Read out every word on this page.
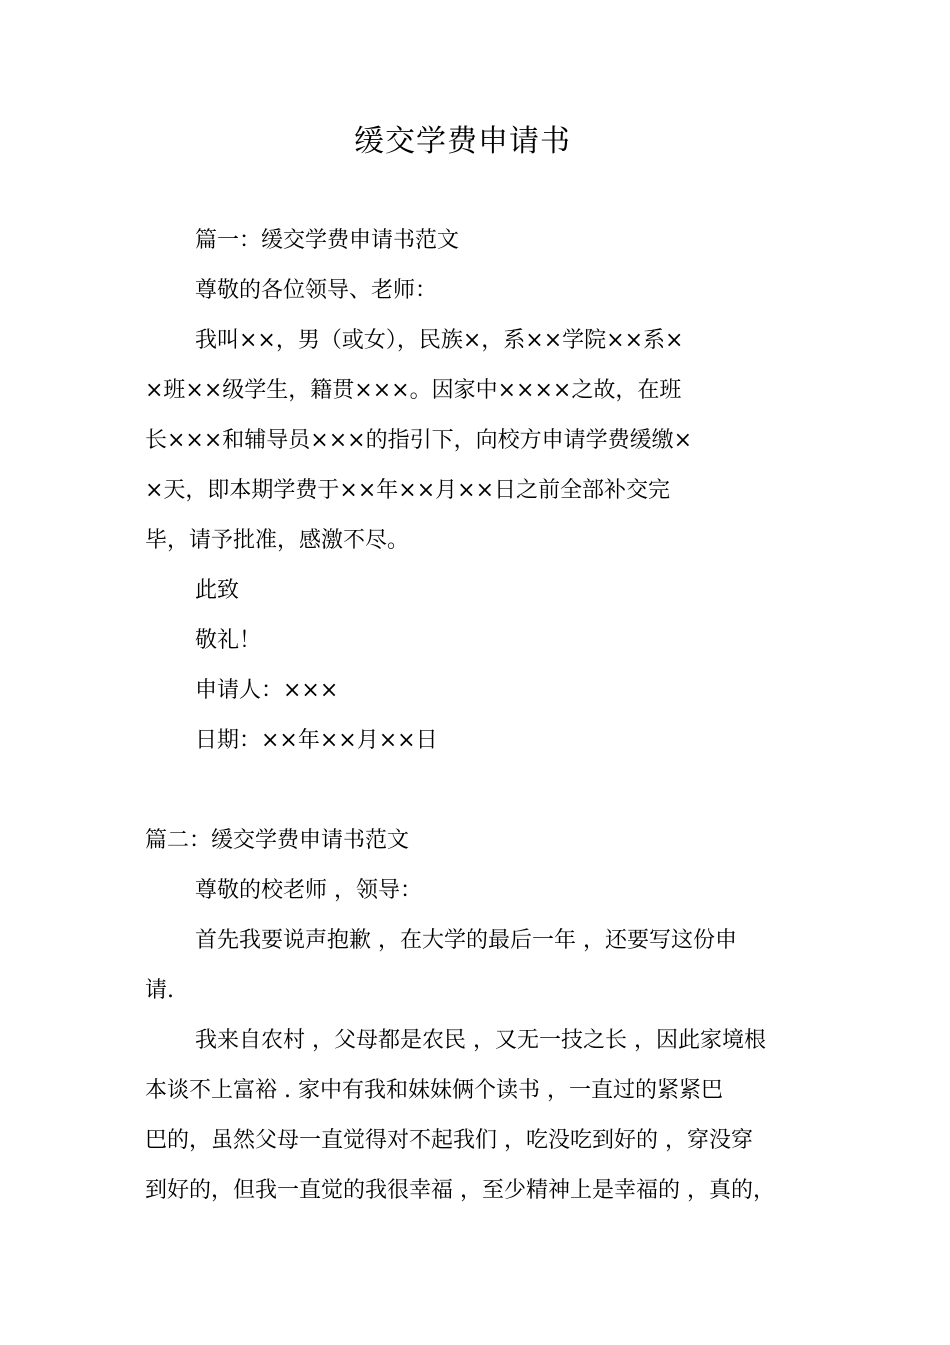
缓交学费申请书
篇一：缓交学费申请书范文
尊敬的各位领导、老师：
我叫××，男（或女），民族×，系××学院××系×
×班××级学生，籍贯×××。因家中××××之故，在班
长×××和辅导员×××的指引下，向校方申请学费缓缴×
×天，即本期学费于××年××月××日之前全部补交完
毕，请予批准，感激不尽。
此致
敬礼！
申请人：×××
日期：××年××月××日
篇二：缓交学费申请书范文
尊敬的校老师 ，领导：
首先我要说声抱歉 ，在大学的最后一年 ，还要写这份申
请.
我来自农村 ，父母都是农民 ，又无一技之长 ，因此家境根
本谈不上富裕 . 家中有我和妹妹俩个读书 ，一直过的紧紧巴
巴的，虽然父母一直觉得对不起我们 ，吃没吃到好的 ，穿没穿
到好的，但我一直觉的我很幸福 ，至少精神上是幸福的 ，真的，
